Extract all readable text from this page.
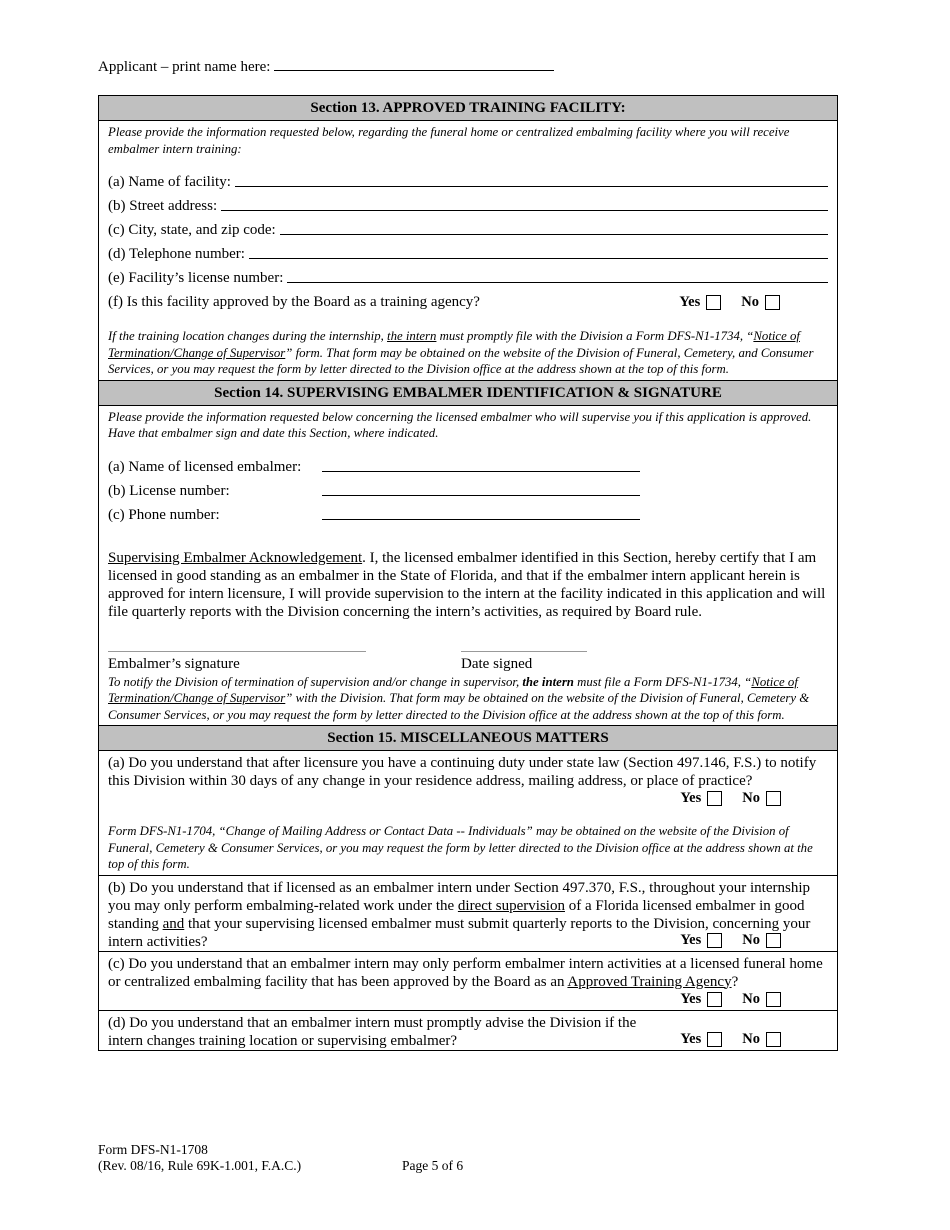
Applicant – print name here:
Section 13. APPROVED TRAINING FACILITY:
Please provide the information requested below, regarding the funeral home or centralized embalming facility where you will receive embalmer intern training:
(a) Name of facility:
(b) Street address:
(c) City, state, and zip code:
(d) Telephone number:
(e) Facility’s license number:
(f) Is this facility approved by the Board as a training agency?	Yes	No
If the training location changes during the internship, the intern must promptly file with the Division a Form DFS-N1-1734, “Notice of Termination/Change of Supervisor” form. That form may be obtained on the website of the Division of Funeral, Cemetery, and Consumer Services, or you may request the form by letter directed to the Division office at the address shown at the top of this form.
Section 14. SUPERVISING EMBALMER IDENTIFICATION & SIGNATURE
Please provide the information requested below concerning the licensed embalmer who will supervise you if this application is approved. Have that embalmer sign and date this Section, where indicated.
(a) Name of licensed embalmer:
(b) License number:
(c) Phone number:
Supervising Embalmer Acknowledgement. I, the licensed embalmer identified in this Section, hereby certify that I am licensed in good standing as an embalmer in the State of Florida, and that if the embalmer intern applicant herein is approved for intern licensure, I will provide supervision to the intern at the facility indicated in this application and will file quarterly reports with the Division concerning the intern’s activities, as required by Board rule.
Embalmer’s signature	Date signed
To notify the Division of termination of supervision and/or change in supervisor, the intern must file a Form DFS-N1-1734, “Notice of Termination/Change of Supervisor” with the Division. That form may be obtained on the website of the Division of Funeral, Cemetery & Consumer Services, or you may request the form by letter directed to the Division office at the address shown at the top of this form.
Section 15. MISCELLANEOUS MATTERS
(a) Do you understand that after licensure you have a continuing duty under state law (Section 497.146, F.S.) to notify this Division within 30 days of any change in your residence address, mailing address, or place of practice?
Yes	No
Form DFS-N1-1704, “Change of Mailing Address or Contact Data -- Individuals” may be obtained on the website of the Division of Funeral, Cemetery & Consumer Services, or you may request the form by letter directed to the Division office at the address shown at the top of this form.
(b) Do you understand that if licensed as an embalmer intern under Section 497.370, F.S., throughout your internship you may only perform embalming-related work under the direct supervision of a Florida licensed embalmer in good standing and that your supervising licensed embalmer must submit quarterly reports to the Division, concerning your intern activities?	Yes	No
(c) Do you understand that an embalmer intern may only perform embalmer intern activities at a licensed funeral home or centralized embalming facility that has been approved by the Board as an Approved Training Agency?
Yes	No
(d) Do you understand that an embalmer intern must promptly advise the Division if the intern changes training location or supervising embalmer?	Yes	No
Form DFS-N1-1708
(Rev. 08/16, Rule 69K-1.001, F.A.C.)	Page 5 of 6
